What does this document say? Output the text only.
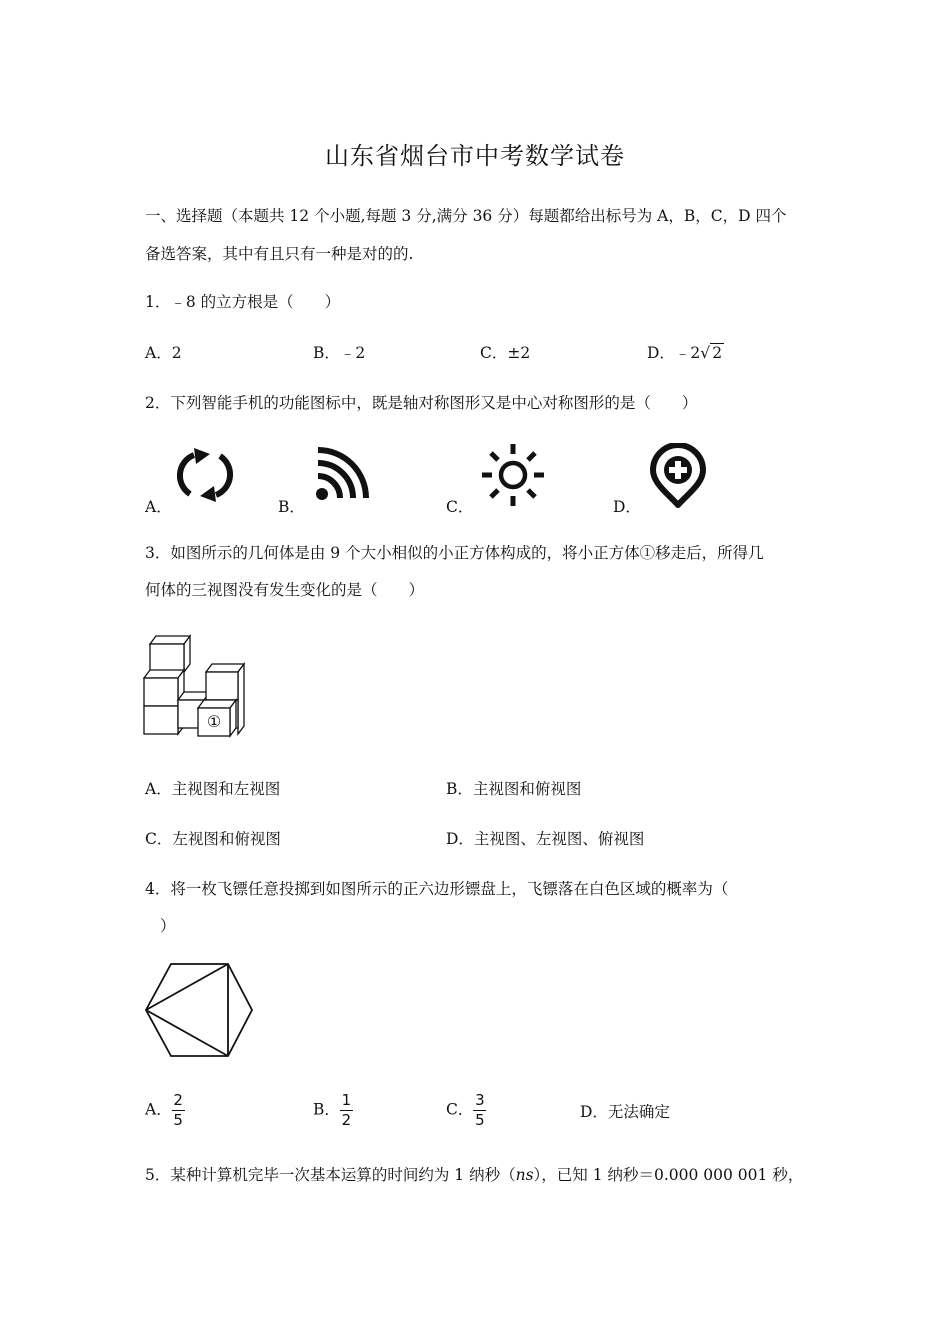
山东省烟台市中考数学试卷
一、选择题（本题共 12 个小题,每题 3 分,满分 36 分）每题都给出标号为 A，B，C，D 四个
备选答案，其中有且只有一种是对的的.
1．﹣8 的立方根是（　　）
A．2	B．﹣2	C．±2	D．﹣2√ 2
2．下列智能手机的功能图标中，既是轴对称图形又是中心对称图形的是（　　）
A．	B．	C．	D．
3．如图所示的几何体是由 9 个大小相似的小正方体构成的，将小正方体①移走后，所得几
何体的三视图没有发生变化的是（　　）
①
A．主视图和左视图	B．主视图和俯视图
C．左视图和俯视图	D．主视图、左视图、俯视图
4．将一枚飞镖任意投掷到如图所示的正六边形镖盘上，飞镖落在白色区域的概率为（
）
A．$\frac{2}{5}$	B．$\frac{1}{2}$	C．$\frac{3}{5}$	D．无法确定
5．某种计算机完毕一次基本运算的时间约为 1 纳秒（ns），已知 1 纳秒＝0.000 000 001 秒，
